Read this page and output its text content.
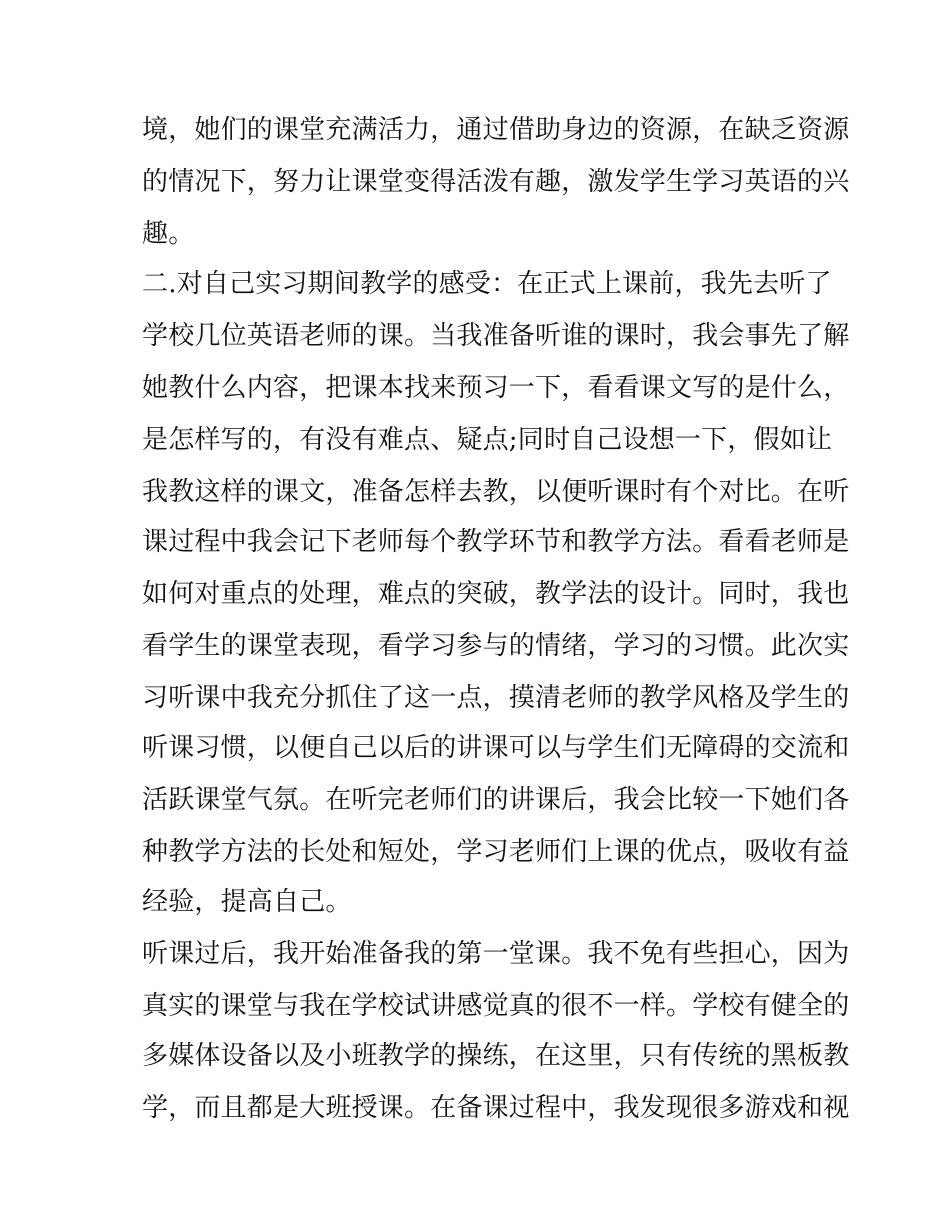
境，她们的课堂充满活力，通过借助身边的资源，在缺乏资源
的情况下，努力让课堂变得活泼有趣，激发学生学习英语的兴
趣。
二.对自己实习期间教学的感受：在正式上课前，我先去听了
学校几位英语老师的课。当我准备听谁的课时，我会事先了解
她教什么内容，把课本找来预习一下，看看课文写的是什么，
是怎样写的，有没有难点、疑点;同时自己设想一下，假如让
我教这样的课文，准备怎样去教，以便听课时有个对比。在听
课过程中我会记下老师每个教学环节和教学方法。看看老师是
如何对重点的处理，难点的突破，教学法的设计。同时，我也
看学生的课堂表现，看学习参与的情绪，学习的习惯。此次实
习听课中我充分抓住了这一点，摸清老师的教学风格及学生的
听课习惯，以便自己以后的讲课可以与学生们无障碍的交流和
活跃课堂气氛。在听完老师们的讲课后，我会比较一下她们各
种教学方法的长处和短处，学习老师们上课的优点，吸收有益
经验，提高自己。
听课过后，我开始准备我的第一堂课。我不免有些担心，因为
真实的课堂与我在学校试讲感觉真的很不一样。学校有健全的
多媒体设备以及小班教学的操练，在这里，只有传统的黑板教
学，而且都是大班授课。在备课过程中，我发现很多游戏和视
